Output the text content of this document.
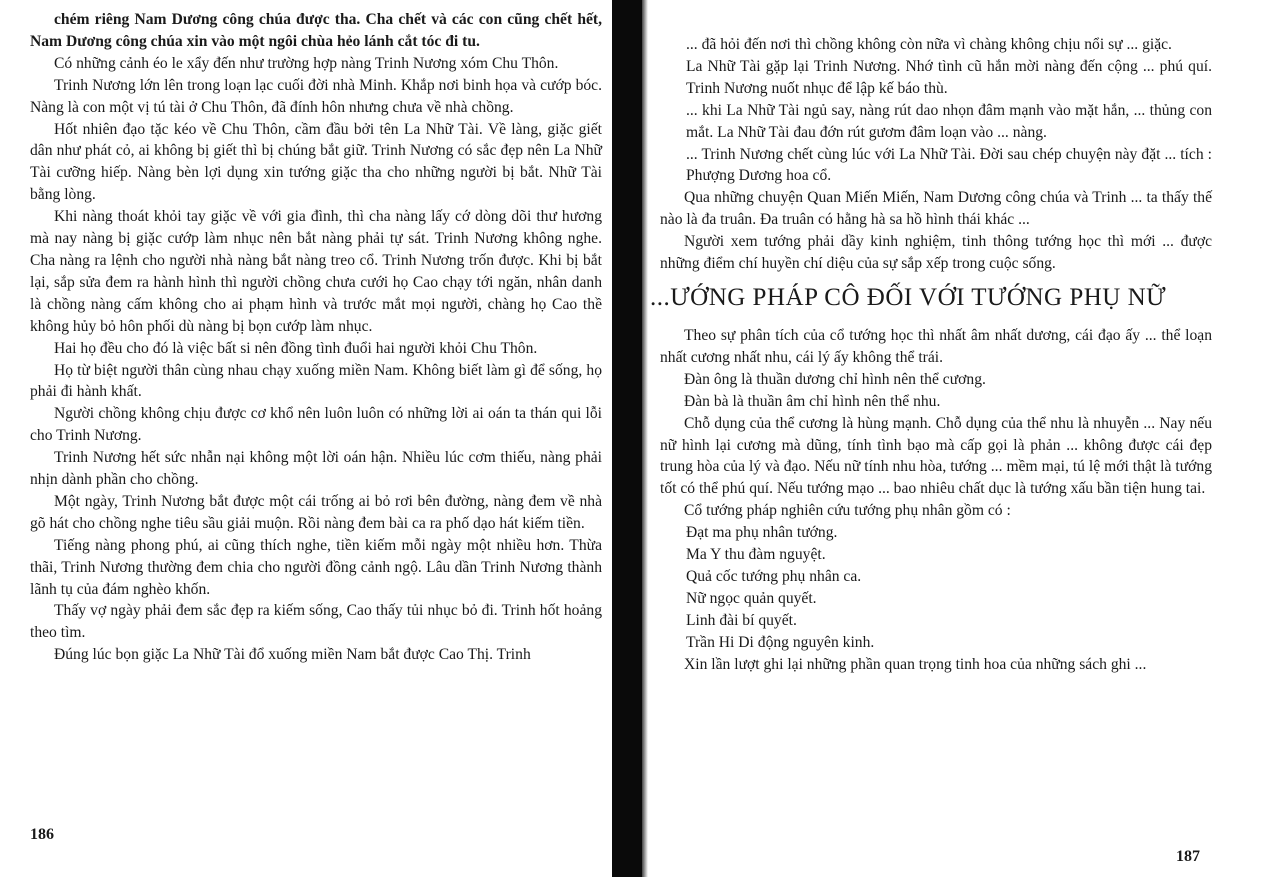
chém riêng Nam Dương công chúa được tha. Cha chết và các con cũng chết hết, Nam Dương công chúa xin vào một ngôi chùa hẻo lánh cắt tóc đi tu.

Có những cảnh éo le xẩy đến như trường hợp nàng Trinh Nương xóm Chu Thôn.

Trinh Nương lớn lên trong loạn lạc cuối đời nhà Minh. Khắp nơi binh họa và cướp bóc. Nàng là con một vị tú tài ở Chu Thôn, đã đính hôn nhưng chưa về nhà chồng.

Hốt nhiên đạo tặc kéo về Chu Thôn, cầm đầu bởi tên La Nhữ Tài. Về làng, giặc giết dân như phát cỏ, ai không bị giết thì bị chúng bắt giữ. Trinh Nương có sắc đẹp nên La Nhữ Tài cưỡng hiếp. Nàng bèn lợi dụng xin tướng giặc tha cho những người bị bắt. Nhữ Tài bằng lòng.

Khi nàng thoát khỏi tay giặc về với gia đình, thì cha nàng lấy cớ dòng dõi thư hương mà nay nàng bị giặc cướp làm nhục nên bắt nàng phải tự sát. Trinh Nương không nghe. Cha nàng ra lệnh cho người nhà nàng bắt nàng treo cổ. Trinh Nương trốn được. Khi bị bắt lại, sắp sửa đem ra hành hình thì người chồng chưa cưới họ Cao chạy tới ngăn, nhân danh là chồng nàng cấm không cho ai phạm hình và trước mắt mọi người, chàng họ Cao thề không hủy bỏ hôn phối dù nàng bị bọn cướp làm nhục.

Hai họ đều cho đó là việc bất si nên đồng tình đuổi hai người khỏi Chu Thôn.

Họ từ biệt người thân cùng nhau chạy xuống miền Nam. Không biết làm gì để sống, họ phải đi hành khất.

Người chồng không chịu được cơ khổ nên luôn luôn có những lời ai oán ta thán qui lỗi cho Trinh Nương.

Trinh Nương hết sức nhẫn nại không một lời oán hận. Nhiều lúc cơm thiếu, nàng phải nhịn dành phần cho chồng.

Một ngày, Trinh Nương bắt được một cái trống ai bỏ rơi bên đường, nàng đem về nhà gõ hát cho chồng nghe tiêu sầu giải muộn. Rồi nàng đem bài ca ra phố dạo hát kiếm tiền.

Tiếng nàng phong phú, ai cũng thích nghe, tiền kiếm mỗi ngày một nhiều hơn. Thừa thãi, Trinh Nương thường đem chia cho người đồng cảnh ngộ. Lâu dần Trinh Nương thành lãnh tụ của đám nghèo khốn.

Thấy vợ ngày phải đem sắc đẹp ra kiếm sống, Cao thấy tủi nhục bỏ đi. Trinh hốt hoảng theo tìm.

Đúng lúc bọn giặc La Nhữ Tài đổ xuống miền Nam bắt được Cao Thị. Trinh

186

... đã hỏi đến nơi thì chồng không còn nữa vì chàng không chịu nổi sự ... giặc.

La Nhữ Tài gặp lại Trinh Nương. Nhớ tình cũ hắn mời nàng đến cộng ... phú quí. Trinh Nương nuốt nhục để lập kế báo thù.

... khi La Nhữ Tài ngủ say, nàng rút dao nhọn đâm mạnh vào mặt hắn, ... thủng con mắt. La Nhữ Tài đau đớn rút gươm đâm loạn vào ... nàng.

... Trinh Nương chết cùng lúc với La Nhữ Tài. Đời sau chép chuyện này đặt ... tích : Phượng Dương hoa cổ.

Qua những chuyện Quan Miến Miến, Nam Dương công chúa và Trinh ... ta thấy thế nào là đa truân. Đa truân có hằng hà sa hồ hình thái khác ...

Người xem tướng phải dầy kinh nghiệm, tinh thông tướng học thì mới ... được những điểm chí huyền chí diệu của sự sắp xếp trong cuộc sống.

...ƯỚNG PHÁP CÔ ĐỐI VỚI TƯỚNG PHỤ NỮ

Theo sự phân tích của cổ tướng học thì nhất âm nhất dương, cái đạo ấy ... thể loạn nhất cương nhất nhu, cái lý ấy không thể trái.

Đàn ông là thuần dương chỉ hình nên thể cương.

Đàn bà là thuần âm chỉ hình nên thể nhu.

Chỗ dụng của thể cương là hùng mạnh. Chỗ dụng của thể nhu là nhuyễn ... Nay nếu nữ hình lại cương mà dũng, tính tình bạo mà cấp gọi là phản ... không được cái đẹp trung hòa của lý và đạo. Nếu nữ tính nhu hòa, tướng ... mềm mại, tú lệ mới thật là tướng tốt có thể phú quí. Nếu tướng mạo ... bao nhiêu chất dục là tướng xấu bần tiện hung tai.

Cổ tướng pháp nghiên cứu tướng phụ nhân gồm có :

Đạt ma phụ nhân tướng.

Ma Y thu đàm nguyệt.

Quả cốc tướng phụ nhân ca.

Nữ ngọc quản quyết.

Linh đài bí quyết.

Trần Hi Di động nguyên kinh.

Xin lần lượt ghi lại những phần quan trọng tinh hoa của những sách ghi ...

187
